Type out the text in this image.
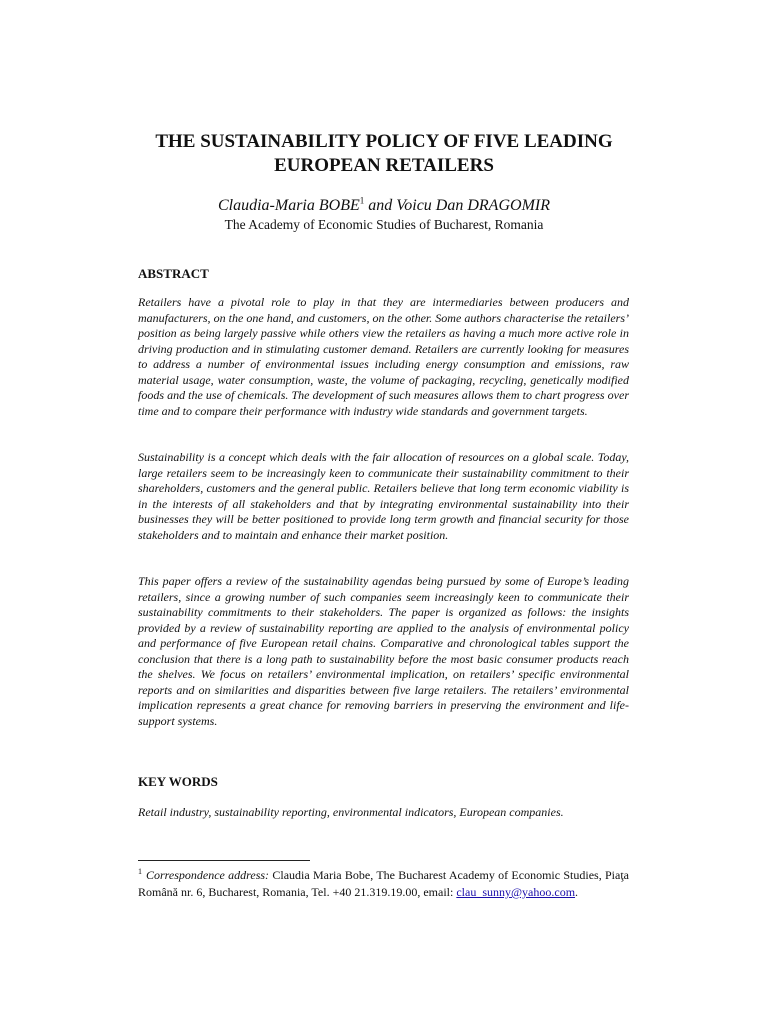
THE SUSTAINABILITY POLICY OF FIVE LEADING
EUROPEAN RETAILERS
Claudia-Maria BOBE$^1$ and Voicu Dan DRAGOMIR
The Academy of Economic Studies of Bucharest, Romania
ABSTRACT

Retailers have a pivotal role to play in that they are intermediaries between producers and manufacturers, on the one hand, and customers, on the other. Some authors characterise the retailers’ position as being largely passive while others view the retailers as having a much more active role in driving production and in stimulating customer demand. Retailers are currently looking for measures to address a number of environmental issues including energy consumption and emissions, raw material usage, water consumption, waste, the volume of packaging, recycling, genetically modified foods and the use of chemicals. The development of such measures allows them to chart progress over time and to compare their performance with industry wide standards and government targets.

Sustainability is a concept which deals with the fair allocation of resources on a global scale. Today, large retailers seem to be increasingly keen to communicate their sustainability commitment to their shareholders, customers and the general public. Retailers believe that long term economic viability is in the interests of all stakeholders and that by integrating environmental sustainability into their businesses they will be better positioned to provide long term growth and financial security for those stakeholders and to maintain and enhance their market position.

This paper offers a review of the sustainability agendas being pursued by some of Europe’s leading retailers, since a growing number of such companies seem increasingly keen to communicate their sustainability commitments to their stakeholders. The paper is organized as follows: the insights provided by a review of sustainability reporting are applied to the analysis of environmental policy and performance of five European retail chains. Comparative and chronological tables support the conclusion that there is a long path to sustainability before the most basic consumer products reach the shelves. We focus on retailers’ environmental implication, on retailers’ specific environmental reports and on similarities and disparities between five large retailers. The retailers’ environmental implication represents a great chance for removing barriers in preserving the environment and life-support systems.

KEY WORDS

Retail industry, sustainability reporting, environmental indicators, European companies.

$^1$ Correspondence address: Claudia Maria Bobe, The Bucharest Academy of Economic Studies, Piaţa Română nr. 6, Bucharest, Romania, Tel. +40 21.319.19.00, email: clau_sunny@yahoo.com.
